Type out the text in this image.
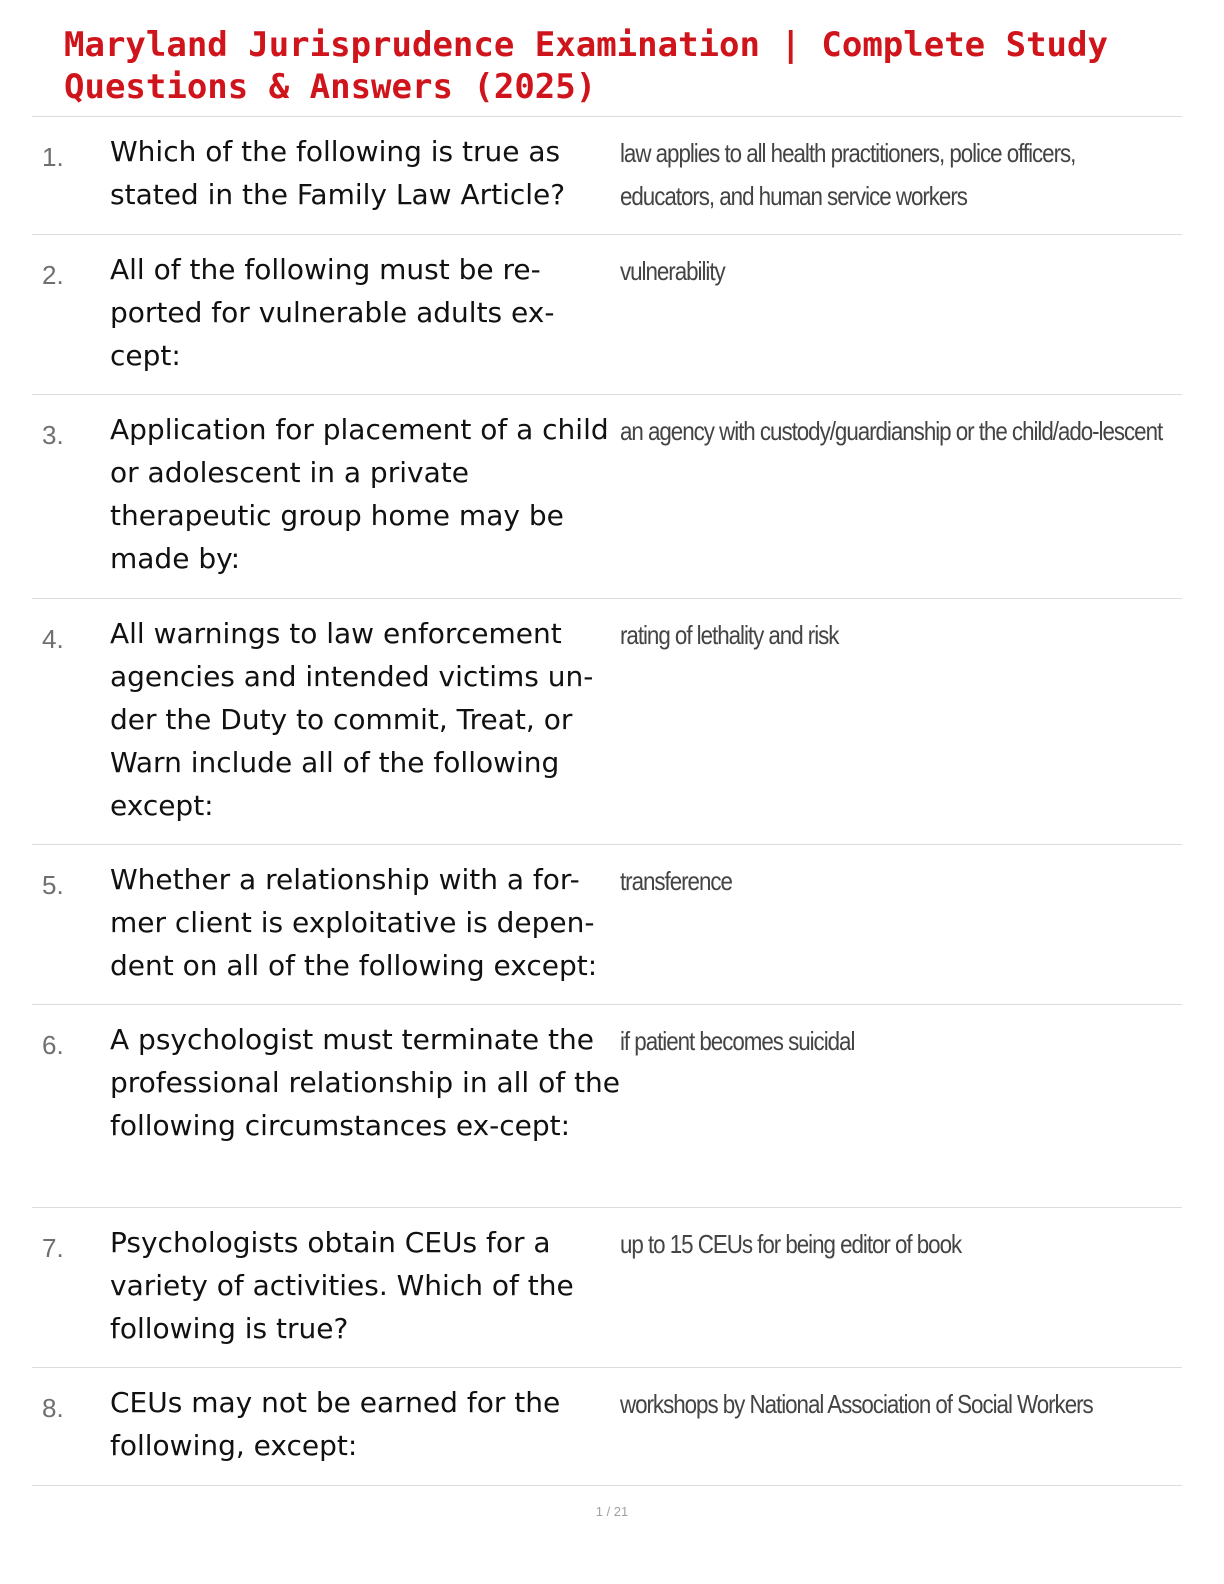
Maryland Jurisprudence Examination | Complete Study Questions & Answers (2025)
1. Which of the following is true as stated in the Family Law Article?
law applies to all health practitioners, police officers, educators, and human service workers
2. All of the following must be re-ported for vulnerable adults ex-cept:
vulnerability
3. Application for placement of a child or adolescent in a private therapeutic group home may be made by:
an agency with custody/guardianship or the child/ado-lescent
4. All warnings to law enforcement agencies and intended victims un-der the Duty to commit, Treat, or Warn include all of the following except:
rating of lethality and risk
5. Whether a relationship with a for-mer client is exploitative is depen-dent on all of the following except:
transference
6. A psychologist must terminate the professional relationship in all of the following circumstances ex-cept:
if patient becomes suicidal
7. Psychologists obtain CEUs for a variety of activities. Which of the following is true?
up to 15 CEUs for being editor of book
8. CEUs may not be earned for the following, except:
workshops by National Association of Social Workers
1 / 21
